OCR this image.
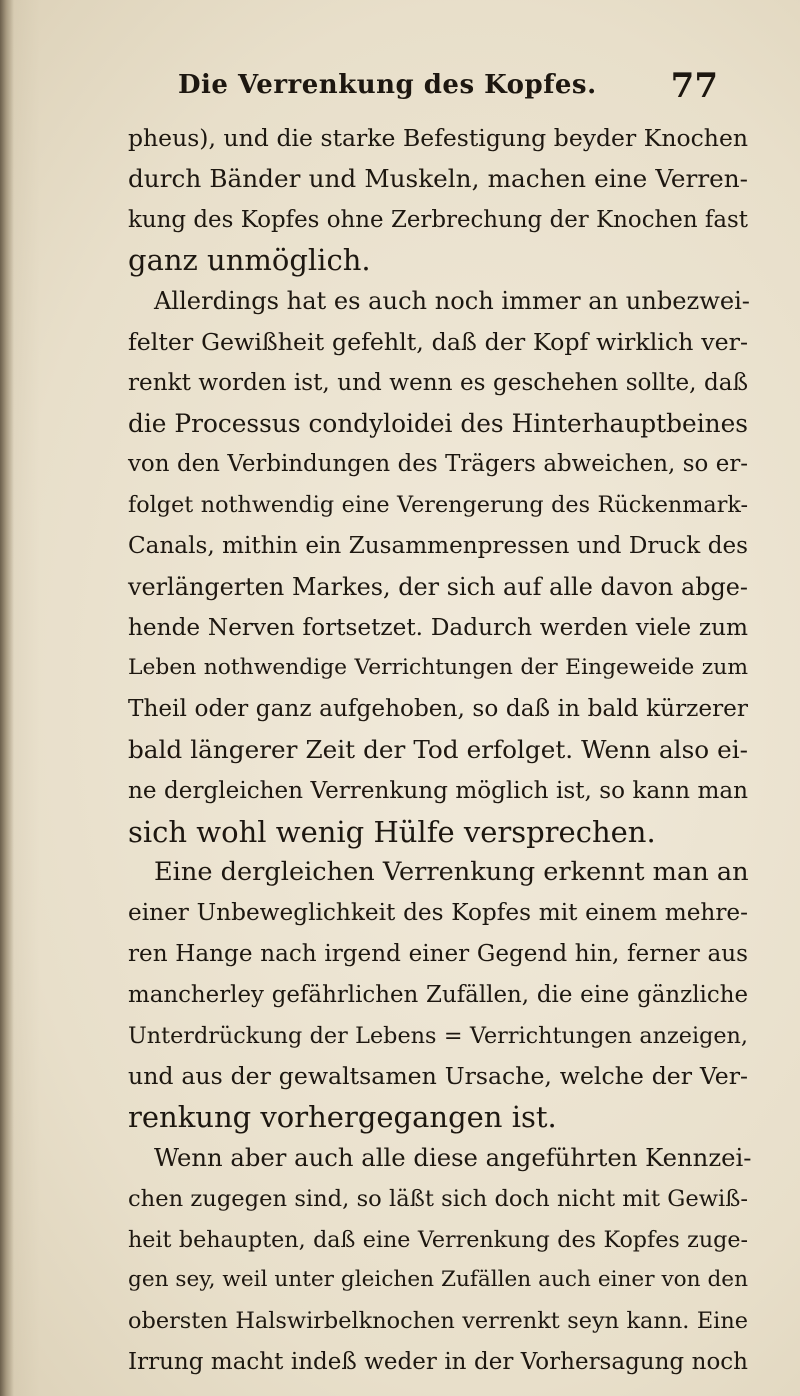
Die Verrenkung des Kopfes. 77
pheus), und die starke Befestigung beyder Knochen
durch Bänder und Muskeln, machen eine Verren-
kung des Kopfes ohne Zerbrechung der Knochen fast
ganz unmöglich.
Allerdings hat es auch noch immer an unbezwei-
felter Gewißheit gefehlt, daß der Kopf wirklich ver-
renkt worden ist, und wenn es geschehen sollte, daß
die Processus condyloidei des Hinterhauptbeines
von den Verbindungen des Trägers abweichen, so er-
folget nothwendig eine Verengerung des Rückenmark-
Canals, mithin ein Zusammenpressen und Druck des
verlängerten Markes, der sich auf alle davon abge-
hende Nerven fortsetzet. Dadurch werden viele zum
Leben nothwendige Verrichtungen der Eingeweide zum
Theil oder ganz aufgehoben, so daß in bald kürzerer
bald längerer Zeit der Tod erfolget. Wenn also ei-
ne dergleichen Verrenkung möglich ist, so kann man
sich wohl wenig Hülfe versprechen.
Eine dergleichen Verrenkung erkennt man an
einer Unbeweglichkeit des Kopfes mit einem mehre-
ren Hange nach irgend einer Gegend hin, ferner aus
mancherley gefährlichen Zufällen, die eine gänzliche
Unterdrückung der Lebens = Verrichtungen anzeigen,
und aus der gewaltsamen Ursache, welche der Ver-
renkung vorhergegangen ist.
Wenn aber auch alle diese angeführten Kennzei-
chen zugegen sind, so läßt sich doch nicht mit Gewiß-
heit behaupten, daß eine Verrenkung des Kopfes zuge-
gen sey, weil unter gleichen Zufällen auch einer von den
obersten Halswirbelknochen verrenkt seyn kann. Eine
Irrung macht indeß weder in der Vorhersagung noch
